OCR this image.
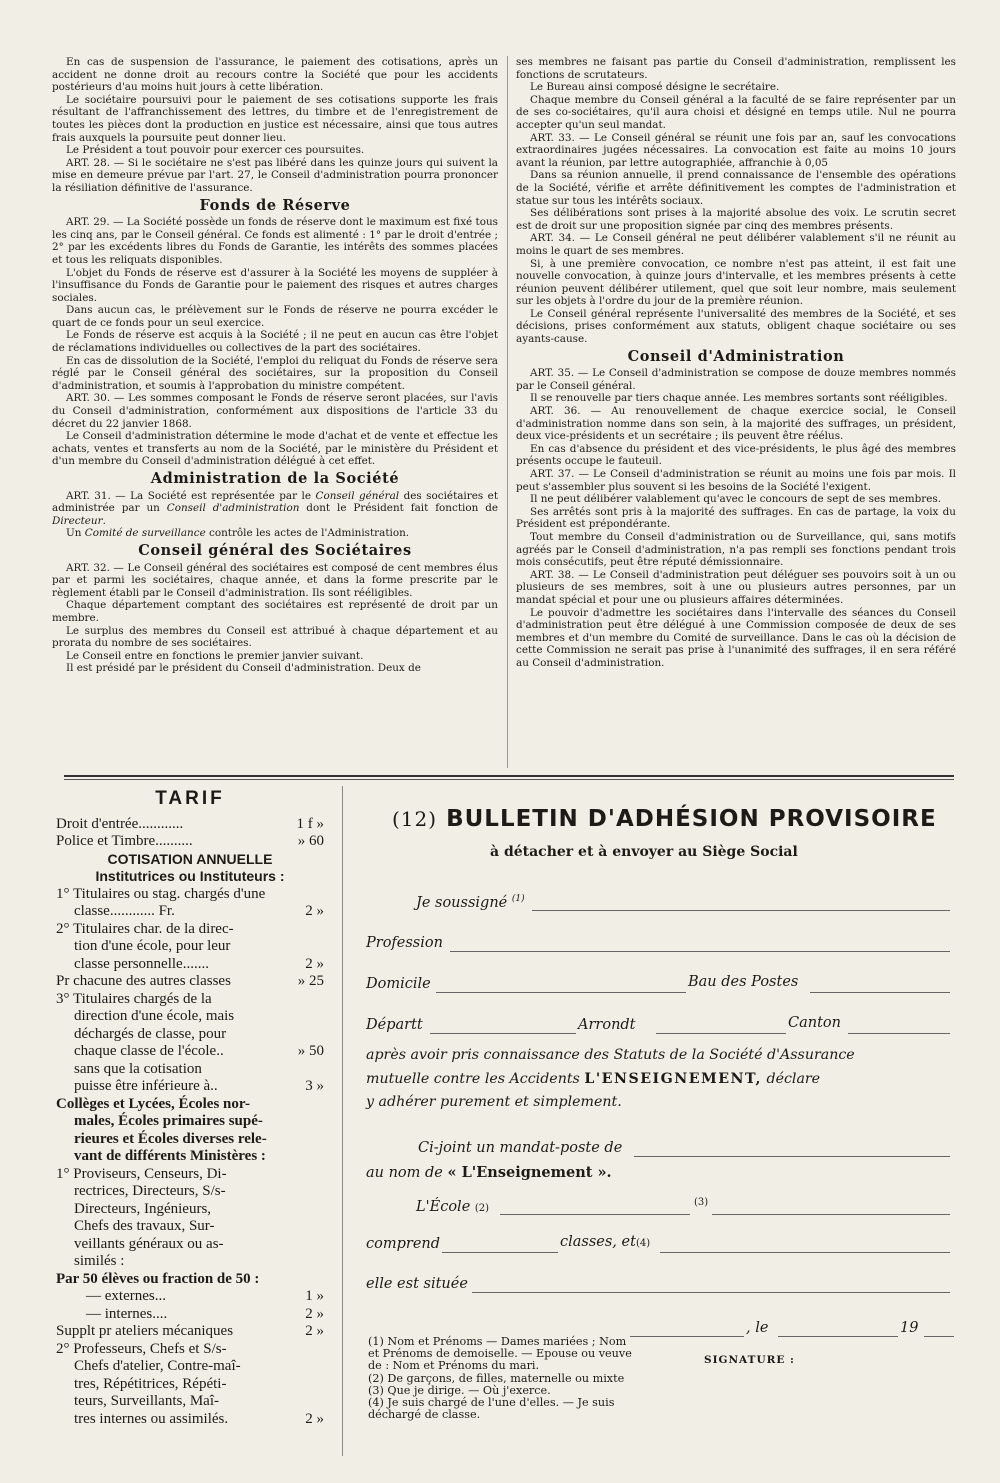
En cas de suspension de l'assurance, le paiement des cotisations, après un accident ne donne droit au recours contre la Société que pour les accidents postérieurs d'au moins huit jours à cette libération.

Le sociétaire poursuivi pour le paiement de ses cotisations supporte les frais résultant de l'affranchissement des lettres, du timbre et de l'enregistrement de toutes les pièces dont la production en justice est nécessaire, ainsi que tous autres frais auxquels la poursuite peut donner lieu.

Le Président a tout pouvoir pour exercer ces poursuites.

ART. 28. — Si le sociétaire ne s'est pas libéré dans les quinze jours qui suivent la mise en demeure prévue par l'art. 27, le Conseil d'administration pourra prononcer la résiliation définitive de l'assurance.

Fonds de Réserve

ART. 29. — La Société possède un fonds de réserve dont le maximum est fixé tous les cinq ans, par le Conseil général. Ce fonds est alimenté : 1° par le droit d'entrée ; 2° par les excédents libres du Fonds de Garantie, les intérêts des sommes placées et tous les reliquats disponibles.

L'objet du Fonds de réserve est d'assurer à la Société les moyens de suppléer à l'insuffisance du Fonds de Garantie pour le paiement des risques et autres charges sociales.

Dans aucun cas, le prélèvement sur le Fonds de réserve ne pourra excéder le quart de ce fonds pour un seul exercice.

Le Fonds de réserve est acquis à la Société ; il ne peut en aucun cas être l'objet de réclamations individuelles ou collectives de la part des sociétaires.

En cas de dissolution de la Société, l'emploi du reliquat du Fonds de réserve sera réglé par le Conseil général des sociétaires, sur la proposition du Conseil d'administration, et soumis à l'approbation du ministre compétent.

ART. 30. — Les sommes composant le Fonds de réserve seront placées, sur l'avis du Conseil d'administration, conformément aux dispositions de l'article 33 du décret du 22 janvier 1868.

Le Conseil d'administration détermine le mode d'achat et de vente et effectue les achats, ventes et transferts au nom de la Société, par le ministère du Président et d'un membre du Conseil d'administration délégué à cet effet.

Administration de la Société

ART. 31. — La Société est représentée par le Conseil général des sociétaires et administrée par un Conseil d'administration dont le Président fait fonction de Directeur.

Un Comité de surveillance contrôle les actes de l'Administration.

Conseil général des Sociétaires

ART. 32. — Le Conseil général des sociétaires est composé de cent membres élus par et parmi les sociétaires, chaque année, et dans la forme prescrite par le règlement établi par le Conseil d'administration. Ils sont rééligibles.

Chaque département comptant des sociétaires est représenté de droit par un membre.

Le surplus des membres du Conseil est attribué à chaque département et au prorata du nombre de ses sociétaires.

Le Conseil entre en fonctions le premier janvier suivant.

Il est présidé par le président du Conseil d'administration. Deux de

ses membres ne faisant pas partie du Conseil d'administration, remplissent les fonctions de scrutateurs.

Le Bureau ainsi composé désigne le secrétaire.

Chaque membre du Conseil général a la faculté de se faire représenter par un de ses co-sociétaires, qu'il aura choisi et désigné en temps utile. Nul ne pourra accepter qu'un seul mandat.

ART. 33. — Le Conseil général se réunit une fois par an, sauf les convocations extraordinaires jugées nécessaires. La convocation est faite au moins 10 jours avant la réunion, par lettre autographiée, affranchie à 0,05

Dans sa réunion annuelle, il prend connaissance de l'ensemble des opérations de la Société, vérifie et arrête définitivement les comptes de l'administration et statue sur tous les intérêts sociaux.

Ses délibérations sont prises à la majorité absolue des voix. Le scrutin secret est de droit sur une proposition signée par cinq des membres présents.

ART. 34. — Le Conseil général ne peut délibérer valablement s'il ne réunit au moins le quart de ses membres.

Si, à une première convocation, ce nombre n'est pas atteint, il est fait une nouvelle convocation, à quinze jours d'intervalle, et les membres présents à cette réunion peuvent délibérer utilement, quel que soit leur nombre, mais seulement sur les objets à l'ordre du jour de la première réunion.

Le Conseil général représente l'universalité des membres de la Société, et ses décisions, prises conformément aux statuts, obligent chaque sociétaire ou ses ayants-cause.

Conseil d'Administration

ART. 35. — Le Conseil d'administration se compose de douze membres nommés par le Conseil général.

Il se renouvelle par tiers chaque année. Les membres sortants sont rééligibles.

ART. 36. — Au renouvellement de chaque exercice social, le Conseil d'administration nomme dans son sein, à la majorité des suffrages, un président, deux vice-présidents et un secrétaire ; ils peuvent être réélus.

En cas d'absence du président et des vice-présidents, le plus âgé des membres présents occupe le fauteuil.

ART. 37. — Le Conseil d'administration se réunit au moins une fois par mois. Il peut s'assembler plus souvent si les besoins de la Société l'exigent.

Il ne peut délibérer valablement qu'avec le concours de sept de ses membres.

Ses arrêtés sont pris à la majorité des suffrages. En cas de partage, la voix du Président est prépondérante.

Tout membre du Conseil d'administration ou de Surveillance, qui, sans motifs agréés par le Conseil d'administration, n'a pas rempli ses fonctions pendant trois mois consécutifs, peut être réputé démissionnaire.

ART. 38. — Le Conseil d'administration peut déléguer ses pouvoirs soit à un ou plusieurs de ses membres, soit à une ou plusieurs autres personnes, par un mandat spécial et pour une ou plusieurs affaires déterminées.

Le pouvoir d'admettre les sociétaires dans l'intervalle des séances du Conseil d'administration peut être délégué à une Commission composée de deux de ses membres et d'un membre du Comité de surveillance. Dans le cas où la décision de cette Commission ne serait pas prise à l'unanimité des suffrages, il en sera référé au Conseil d'administration.

TARIF
Droit d'entrée............	1 f »
Police et Timbre..........	» 60
COTISATION ANNUELLE
Institutrices ou Instituteurs :
1° Titulaires ou stag. chargés d'une
classe............ Fr.	2 »
2° Titulaires char. de la direc-
tion d'une école, pour leur
classe personnelle.......	2 »
Pr chacune des autres classes	» 25
3° Titulaires chargés de la
direction d'une école, mais
déchargés de classe, pour
chaque classe de l'école..	» 50
sans que la cotisation
puisse être inférieure à..	3 »
Collèges et Lycées, Écoles nor-
males, Écoles primaires supé-
rieures et Écoles diverses rele-
vant de différents Ministères :
1° Proviseurs, Censeurs, Di-
rectrices, Directeurs, S/s-
Directeurs, Ingénieurs,
Chefs des travaux, Sur-
veillants généraux ou as-
similés :
Par 50 élèves ou fraction de 50 :
— externes...	1 »
— internes....	2 »
Supplt pr ateliers mécaniques	2 »
2° Professeurs, Chefs et S/s-
Chefs d'atelier, Contre-maî-
tres, Répétitrices, Répéti-
teurs, Surveillants, Maî-
tres internes ou assimilés.	2 »
(12) BULLETIN D'ADHÉSION PROVISOIRE
à détacher et à envoyer au Siège Social
Je soussigné $^{(1)}$
Profession
Domicile	Bau des Postes
Départt	Arrondt	Canton
après avoir pris connaissance des Statuts de la Société d'Assurance
mutuelle contre les Accidents L'ENSEIGNEMENT, déclare
y adhérer purement et simplement.
Ci-joint un mandat-poste de
au nom de « L'Enseignement ».
L'École (2)
(3)
comprend	classes, et(4)
elle est située
, le	19
SIGNATURE :

(1) Nom et Prénoms — Dames mariées ; Nom et Prénoms de demoiselle. — Epouse ou veuve de : Nom et Prénoms du mari.

(2) De garçons, de filles, maternelle ou mixte

(3) Que je dirige. — Où j'exerce.

(4) Je suis chargé de l'une d'elles. — Je suis déchargé de classe.
